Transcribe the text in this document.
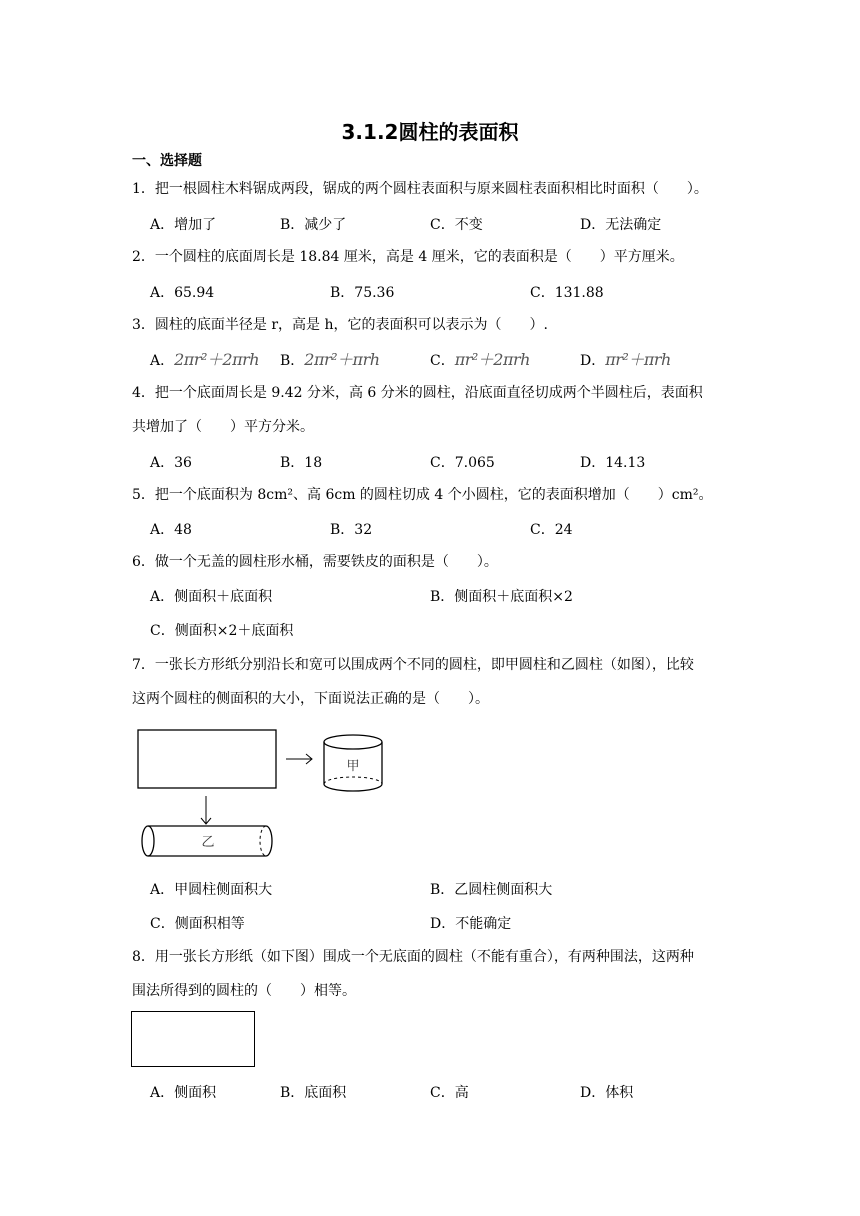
3.1.2圆柱的表面积
一、选择题
1．把一根圆柱木料锯成两段，锯成的两个圆柱表面积与原来圆柱表面积相比时面积（　　）。
A．增加了	B．减少了	C．不变	D．无法确定
2．一个圆柱的底面周长是 18.84 厘米，高是 4 厘米，它的表面积是（　　）平方厘米。
A．65.94	B．75.36	C．131.88
3．圆柱的底面半径是 r，高是 h，它的表面积可以表示为（　　）.
A．2πr²＋2πrh B．2πr²＋πrh	C．πr²＋2πrh	D．πr²＋πrh
4．把一个底面周长是 9.42 分米，高 6 分米的圆柱，沿底面直径切成两个半圆柱后，表面积
共增加了（　　）平方分米。
A．36	B．18	C．7.065	D．14.13
5．把一个底面积为 8cm²、高 6cm 的圆柱切成 4 个小圆柱，它的表面积增加（　　）cm²。
A．48	B．32	C．24
6．做一个无盖的圆柱形水桶，需要铁皮的面积是（　　）。
A．侧面积＋底面积	B．侧面积＋底面积×2
C．侧面积×2＋底面积
7．一张长方形纸分别沿长和宽可以围成两个不同的圆柱，即甲圆柱和乙圆柱（如图），比较
这两个圆柱的侧面积的大小，下面说法正确的是（　　）。
甲
乙
A．甲圆柱侧面积大	B．乙圆柱侧面积大
C．侧面积相等	D．不能确定
8．用一张长方形纸（如下图）围成一个无底面的圆柱（不能有重合），有两种围法，这两种
围法所得到的圆柱的（　　）相等。
A．侧面积	B．底面积	C．高	D．体积
